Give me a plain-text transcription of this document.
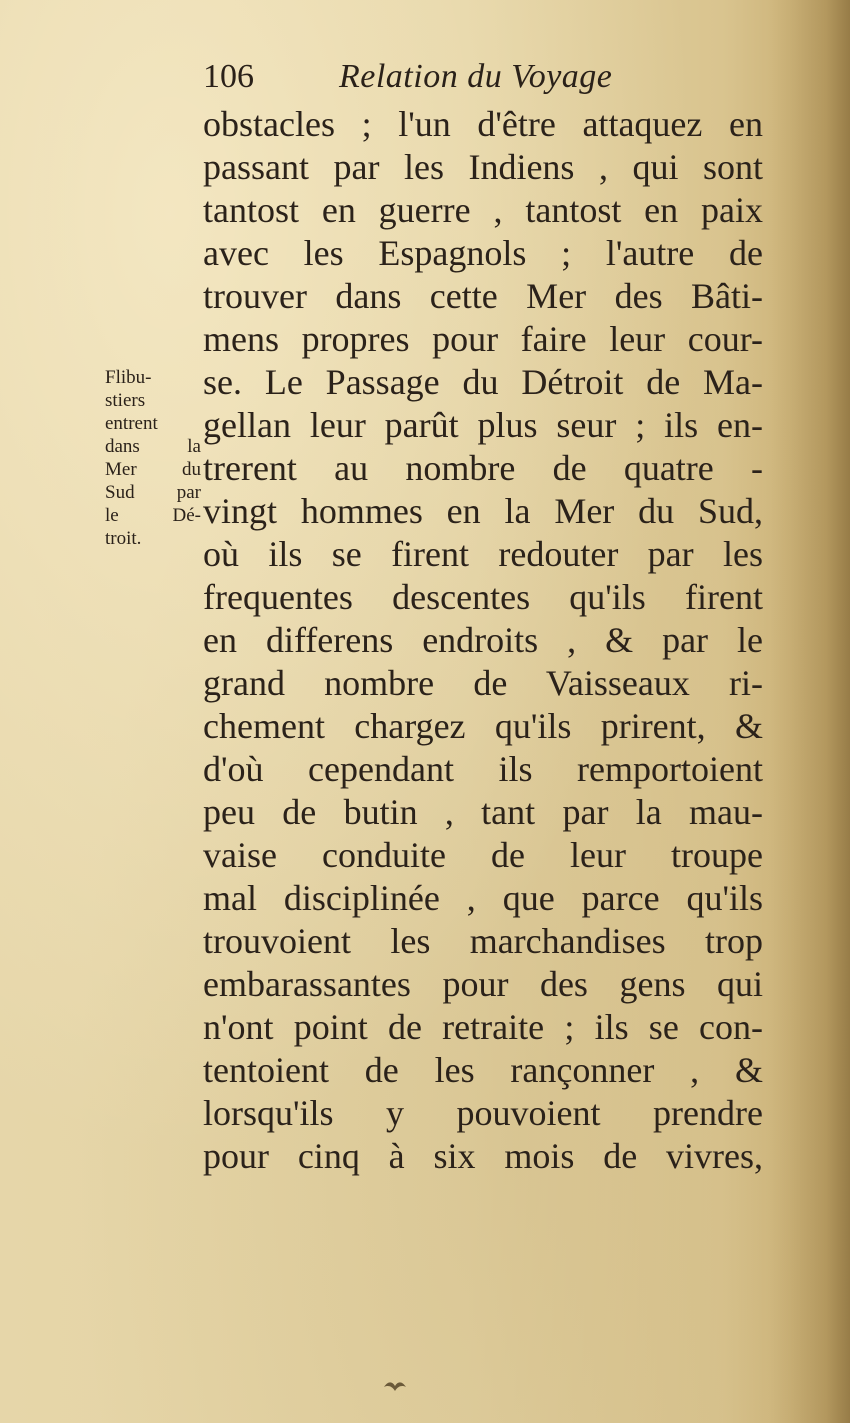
106	Relation du Voyage
Flibu-
stiers
entrent
dans la
Mer du
Sud par
le Dé-
troit.
obstacles ; l'un d'être attaquez en
passant par les Indiens , qui sont
tantost en guerre , tantost en paix
avec les Espagnols ; l'autre de
trouver dans cette Mer des Bâti-
mens propres pour faire leur cour-
se. Le Passage du Détroit de Ma-
gellan leur parût plus seur ; ils en-
trerent au nombre de quatre -
vingt hommes en la Mer du Sud,
où ils se firent redouter par les
frequentes descentes qu'ils firent
en differens endroits , & par le
grand nombre de Vaisseaux ri-
chement chargez qu'ils prirent, &
d'où cependant ils remportoient
peu de butin , tant par la mau-
vaise conduite de leur troupe
mal disciplinée , que parce qu'ils
trouvoient les marchandises trop
embarassantes pour des gens qui
n'ont point de retraite ; ils se con-
tentoient de les rançonner , &
lorsqu'ils y pouvoient prendre
pour cinq à six mois de vivres,
